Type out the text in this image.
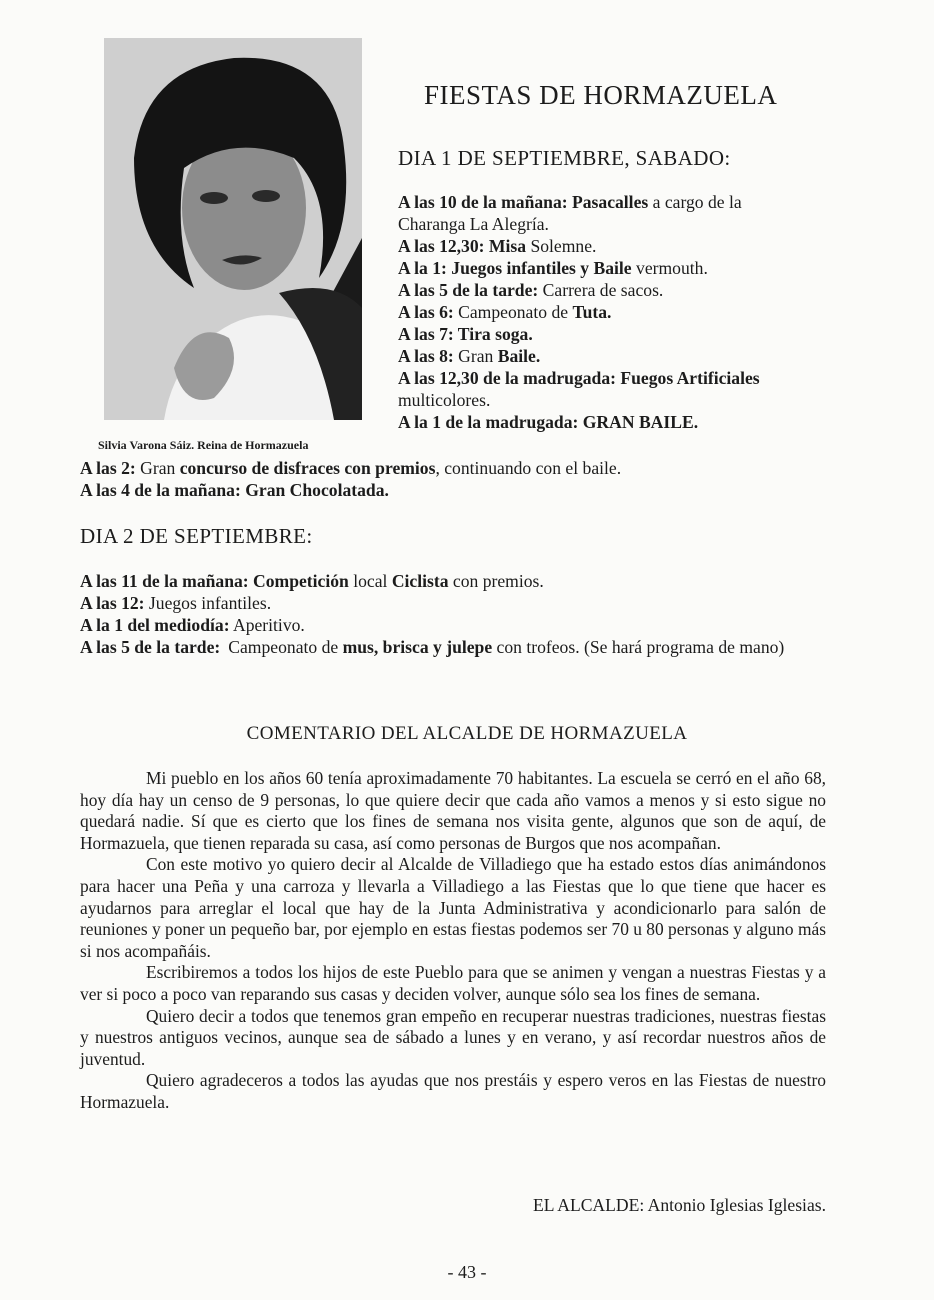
Silvia Varona Sáiz. Reina de Hormazuela
FIESTAS DE HORMAZUELA
DIA 1 DE SEPTIEMBRE, SABADO:
A las 10 de la mañana: Pasacalles a cargo de la
Charanga La Alegría.
A las 12,30: Misa Solemne.
A la 1: Juegos infantiles y Baile vermouth.
A las 5 de la tarde: Carrera de sacos.
A las 6: Campeonato de Tuta.
A las 7: Tira soga.
A las 8: Gran Baile.
A las 12,30 de la madrugada: Fuegos Artificiales
multicolores.
A la 1 de la madrugada: GRAN BAILE.
A las 2: Gran concurso de disfraces con premios, continuando con el baile.
A las 4 de la mañana: Gran Chocolatada.
DIA 2 DE SEPTIEMBRE:
A las 11 de la mañana: Competición local Ciclista con premios.
A las 12: Juegos infantiles.
A la 1 del mediodía: Aperitivo.
A las 5 de la tarde: Campeonato de mus, brisca y julepe con trofeos. (Se hará programa de mano)
COMENTARIO DEL ALCALDE DE HORMAZUELA

Mi pueblo en los años 60 tenía aproximadamente 70 habitantes. La escuela se cerró en el año 68, hoy día hay un censo de 9 personas, lo que quiere decir que cada año vamos a menos y si esto sigue no quedará nadie. Sí que es cierto que los fines de semana nos visita gente, algunos que son de aquí, de Hormazuela, que tienen reparada su casa, así como personas de Burgos que nos acompañan.

Con este motivo yo quiero decir al Alcalde de Villadiego que ha estado estos días animándonos para hacer una Peña y una carroza y llevarla a Villadiego a las Fiestas que lo que tiene que hacer es ayudarnos para arreglar el local que hay de la Junta Administrativa y acondicionarlo para salón de reuniones y poner un pequeño bar, por ejemplo en estas fiestas podemos ser 70 u 80 personas y alguno más si nos acompañáis.

Escribiremos a todos los hijos de este Pueblo para que se animen y vengan a nuestras Fiestas y a ver si poco a poco van reparando sus casas y deciden volver, aunque sólo sea los fines de semana.

Quiero decir a todos que tenemos gran empeño en recuperar nuestras tradiciones, nuestras fiestas y nuestros antiguos vecinos, aunque sea de sábado a lunes y en verano, y así recordar nuestros años de juventud.

Quiero agradeceros a todos las ayudas que nos prestáis y espero veros en las Fiestas de nuestro Hormazuela.

EL ALCALDE: Antonio Iglesias Iglesias.
- 43 -
